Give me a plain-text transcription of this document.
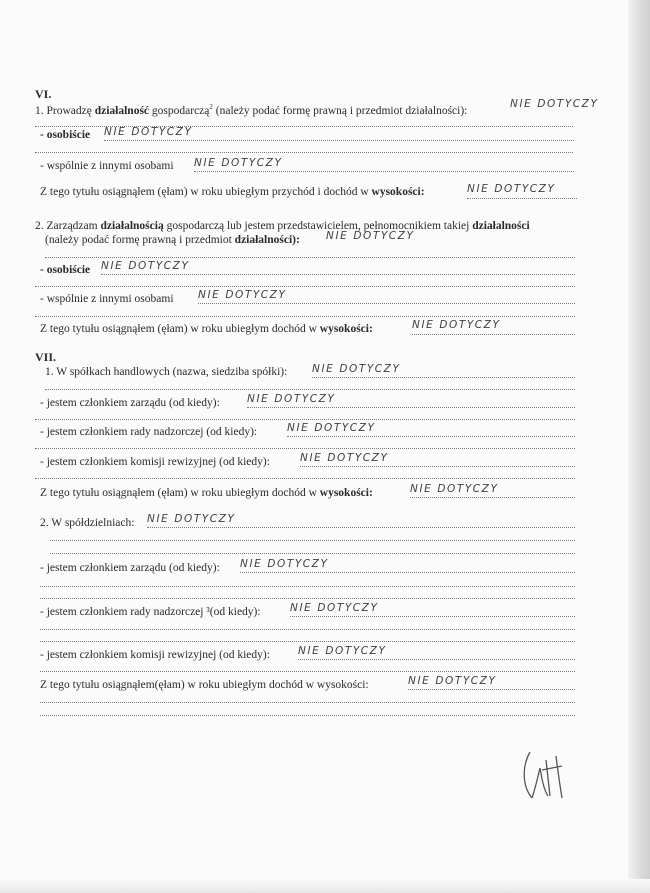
VI.
1. Prowadzę działalność gospodarczą$^2$ (należy podać formę prawną i przedmiot działalności):
NIE DOTYCZY
- osobiście NIE DOTYCZY
- wspólnie z innymi osobami NIE DOTYCZY
Z tego tytułu osiągnąłem (ęłam) w roku ubiegłym przychód i dochód w wysokości:	NIE DOTYCZY
2. Zarządzam działalnością gospodarczą lub jestem przedstawicielem, pełnomocnikiem takiej działalności
(należy podać formę prawną i przedmiot działalności): NIE DOTYCZY
- osobiście NIE DOTYCZY
- wspólnie z innymi osobami NIE DOTYCZY
Z tego tytułu osiągnąłem (ęłam) w roku ubiegłym dochód w wysokości:	NIE DOTYCZY
VII.
1. W spółkach handlowych (nazwa, siedziba spółki): NIE DOTYCZY
- jestem członkiem zarządu (od kiedy):	NIE DOTYCZY
- jestem członkiem rady nadzorczej (od kiedy):	NIE DOTYCZY
- jestem członkiem komisji rewizyjnej (od kiedy):	NIE DOTYCZY
Z tego tytułu osiągnąłem (ęłam) w roku ubiegłym dochód w wysokości:	NIE DOTYCZY
2. W spółdzielniach: NIE DOTYCZY
- jestem członkiem zarządu (od kiedy): NIE DOTYCZY
- jestem członkiem rady nadzorczej ³(od kiedy):	NIE DOTYCZY
- jestem członkiem komisji rewizyjnej (od kiedy):	NIE DOTYCZY
Z tego tytułu osiągnąłem(ęłam) w roku ubiegłym dochód w wysokości:	NIE DOTYCZY
